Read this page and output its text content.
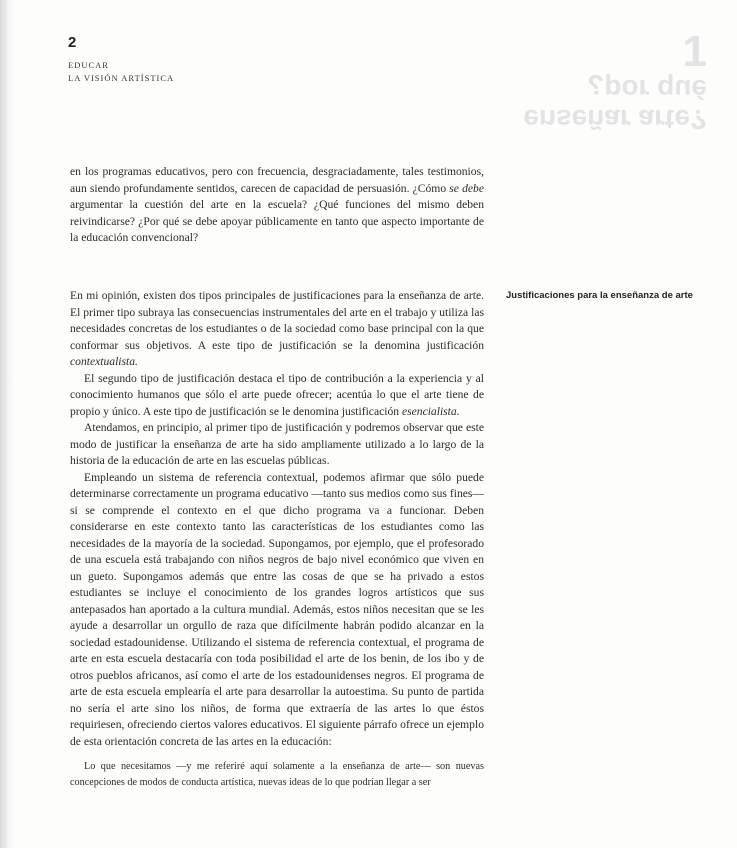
2
EDUCAR
LA VISIÓN ARTÍSTICA
1
¿por qué
enseñar arte?

en los programas educativos, pero con frecuencia, desgraciadamente, tales testimonios, aun siendo profundamente sentidos, carecen de capacidad de persuasión. ¿Cómo se debe argumentar la cuestión del arte en la escuela? ¿Qué funciones del mismo deben reivindicarse? ¿Por qué se debe apoyar públicamente en tanto que aspecto importante de la educación convencional?

Justificaciones para la enseñanza de arte

En mi opinión, existen dos tipos principales de justificaciones para la enseñanza de arte. El primer tipo subraya las consecuencias instrumentales del arte en el trabajo y utiliza las necesidades concretas de los estudiantes o de la sociedad como base principal con la que conformar sus objetivos. A este tipo de justificación se la denomina justificación contextualista.

El segundo tipo de justificación destaca el tipo de contribución a la experiencia y al conocimiento humanos que sólo el arte puede ofrecer; acentúa lo que el arte tiene de propio y único. A este tipo de justificación se le denomina justificación esencialista.

Atendamos, en principio, al primer tipo de justificación y podremos observar que este modo de justificar la enseñanza de arte ha sido ampliamente utilizado a lo largo de la historia de la educación de arte en las escuelas públicas.

Empleando un sistema de referencia contextual, podemos afirmar que sólo puede determinarse correctamente un programa educativo —tanto sus medios como sus fines— si se comprende el contexto en el que dicho programa va a funcionar. Deben considerarse en este contexto tanto las características de los estudiantes como las necesidades de la mayoría de la sociedad. Supongamos, por ejemplo, que el profesorado de una escuela está trabajando con niños negros de bajo nivel económico que viven en un gueto. Supongamos además que entre las cosas de que se ha privado a estos estudiantes se incluye el conocimiento de los grandes logros artísticos que sus antepasados han aportado a la cultura mundial. Además, estos niños necesitan que se les ayude a desarrollar un orgullo de raza que difícilmente habrán podido alcanzar en la sociedad estadounidense. Utilizando el sistema de referencia contextual, el programa de arte en esta escuela destacaría con toda posibilidad el arte de los benin, de los ibo y de otros pueblos africanos, así como el arte de los estadounidenses negros. El programa de arte de esta escuela emplearía el arte para desarrollar la autoestima. Su punto de partida no sería el arte sino los niños, de forma que extraería de las artes lo que éstos requiriesen, ofreciendo ciertos valores educativos. El siguiente párrafo ofrece un ejemplo de esta orientación concreta de las artes en la educación:

Lo que necesitamos —y me referiré aquí solamente a la enseñanza de arte— son nuevas concepciones de modos de conducta artística, nuevas ideas de lo que podrían llegar a ser
